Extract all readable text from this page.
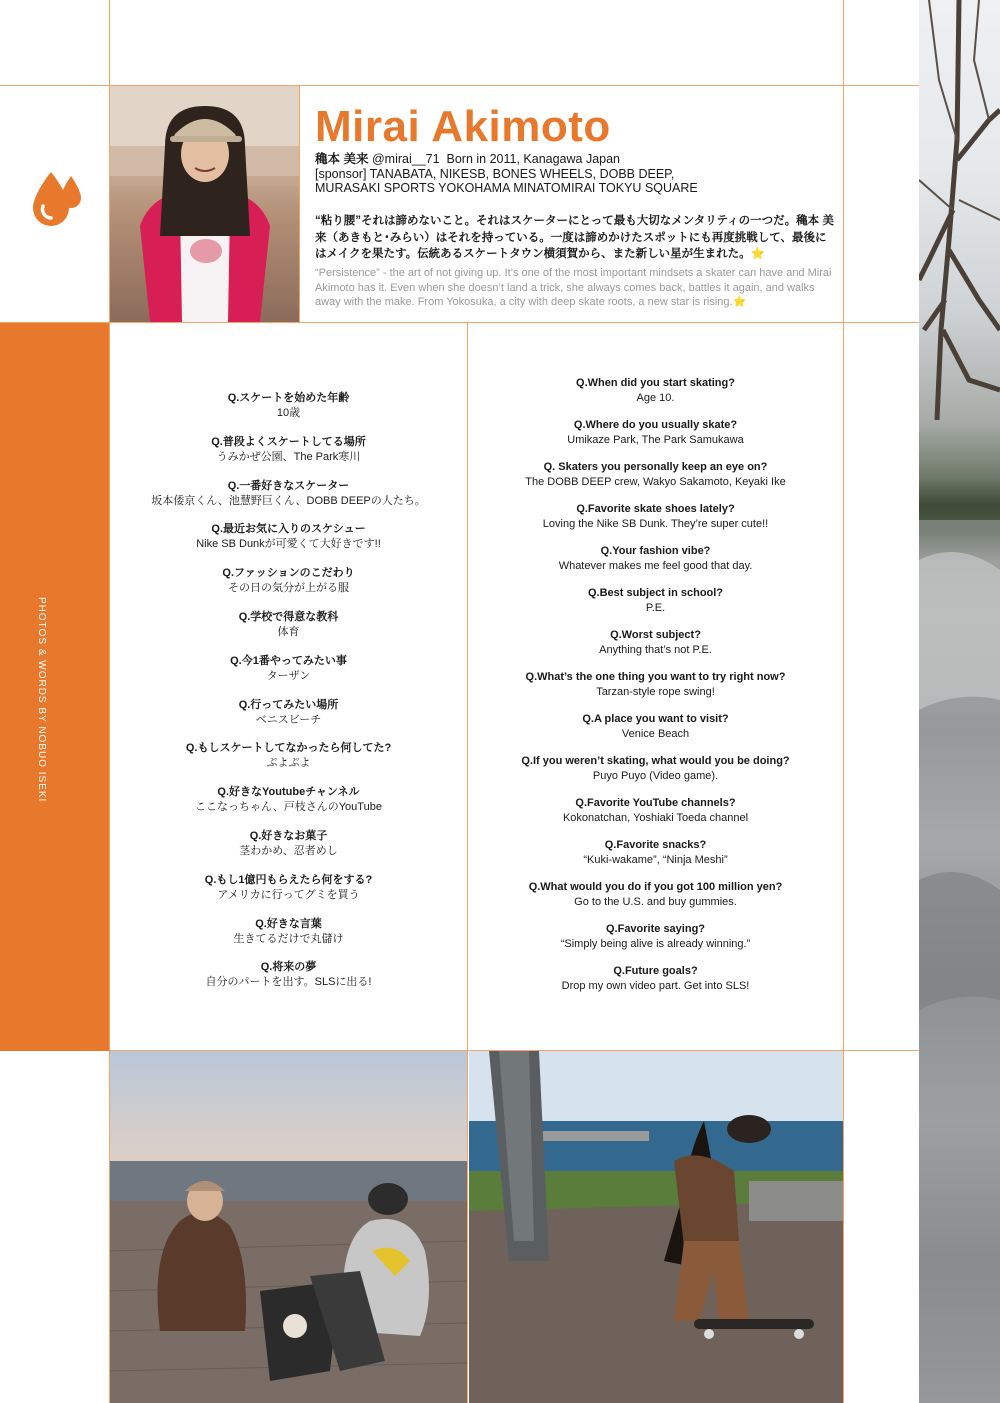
Mirai Akimoto
穐本 美来 @mirai__71 Born in 2011, Kanagawa Japan
[sponsor] TANABATA, NIKESB, BONES WHEELS, DOBB DEEP,
MURASAKI SPORTS YOKOHAMA MINATOMIRAI TOKYU SQUARE
“粘り腰”それは諦めないこと。それはスケーターにとって最も大切なメンタリティの一つだ。穐本 美来（あきもと･みらい）はそれを持っている。一度は諦めかけたスポットにも再度挑戦して、最後にはメイクを果たす。伝統あるスケートタウン横須賀から、また新しい星が生まれた。⭐
“Persistence” - the art of not giving up. It’s one of the most important mindsets a skater can have and Mirai Akimoto has it. Even when she doesn’t land a trick, she always comes back, battles it again, and walks away with the make. From Yokosuka, a city with deep skate roots, a new star is rising.⭐
PHOTOS & WORDS BY NOBUO ISEKI
Q.スケートを始めた年齢
10歳
Q.普段よくスケートしてる場所
うみかぜ公園、The Park寒川
Q.一番好きなスケーター
坂本倭京くん、池慧野巨くん、DOBB DEEPの人たち。
Q.最近お気に入りのスケシュー
Nike SB Dunkが可愛くて大好きです!!
Q.ファッションのこだわり
その日の気分が上がる服
Q.学校で得意な教科
体育
Q.今1番やってみたい事
ターザン
Q.行ってみたい場所
ベニスビーチ
Q.もしスケートしてなかったら何してた?
ぷよぷよ
Q.好きなYoutubeチャンネル
ここなっちゃん、戸枝さんのYouTube
Q.好きなお菓子
茎わかめ、忍者めし
Q.もし1億円もらえたら何をする?
アメリカに行ってグミを買う
Q.好きな言葉
生きてるだけで丸儲け
Q.将来の夢
自分のパートを出す。SLSに出る!
Q.When did you start skating?
Age 10.
Q.Where do you usually skate?
Umikaze Park, The Park Samukawa
Q. Skaters you personally keep an eye on?
The DOBB DEEP crew, Wakyo Sakamoto, Keyaki Ike
Q.Favorite skate shoes lately?
Loving the Nike SB Dunk. They’re super cute!!
Q.Your fashion vibe?
Whatever makes me feel good that day.
Q.Best subject in school?
P.E.
Q.Worst subject?
Anything that’s not P.E.
Q.What’s the one thing you want to try right now?
Tarzan-style rope swing!
Q.A place you want to visit?
Venice Beach
Q.If you weren’t skating, what would you be doing?
Puyo Puyo (Video game).
Q.Favorite YouTube channels?
Kokonatchan, Yoshiaki Toeda channel
Q.Favorite snacks?
“Kuki-wakame”, “Ninja Meshi”
Q.What would you do if you got 100 million yen?
Go to the U.S. and buy gummies.
Q.Favorite saying?
“Simply being alive is already winning.”
Q.Future goals?
Drop my own video part. Get into SLS!
